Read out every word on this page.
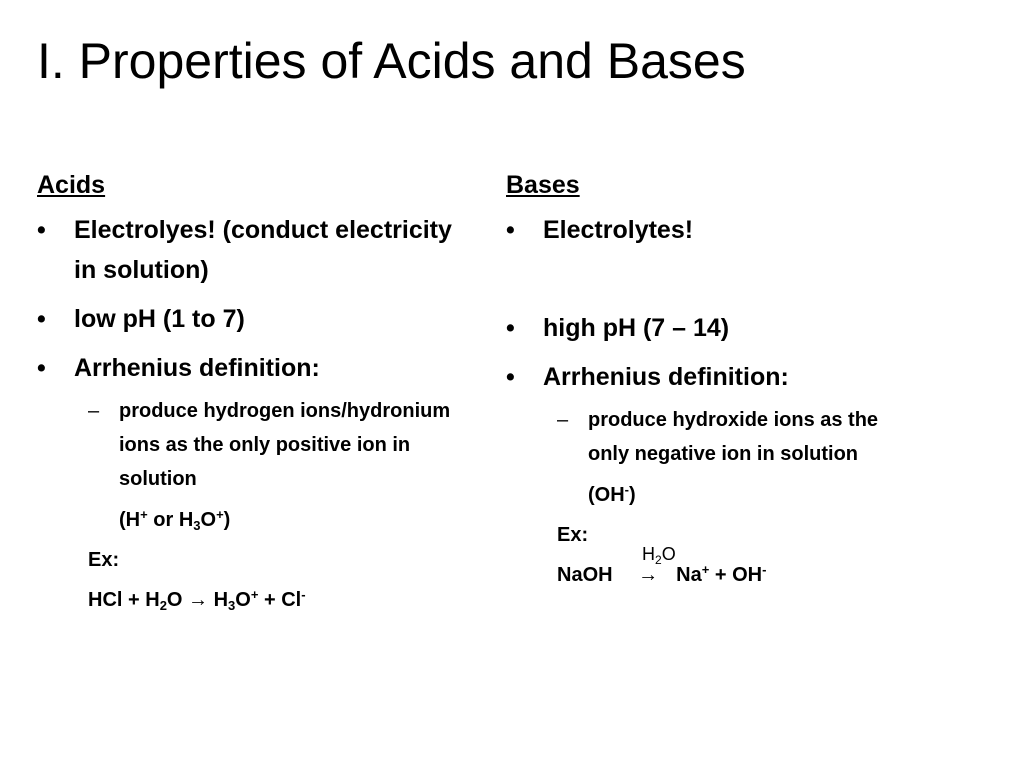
I. Properties of Acids and Bases
Acids
• Electrolyes! (conduct electricity in solution)
• low pH (1 to 7)
• Arrhenius definition:
– produce hydrogen ions/hydronium ions as the only positive ion in solution
(H+ or $H_3O^+$)
Ex:
HCl + $H_2O \to H_3O^+ + Cl^-$
Bases
• Electrolytes!
• high pH (7 – 14)
• Arrhenius definition:
– produce hydroxide ions as the only negative ion in solution
(OH-)
Ex:
$H_2O$
NaOH → Na+ + OH-
